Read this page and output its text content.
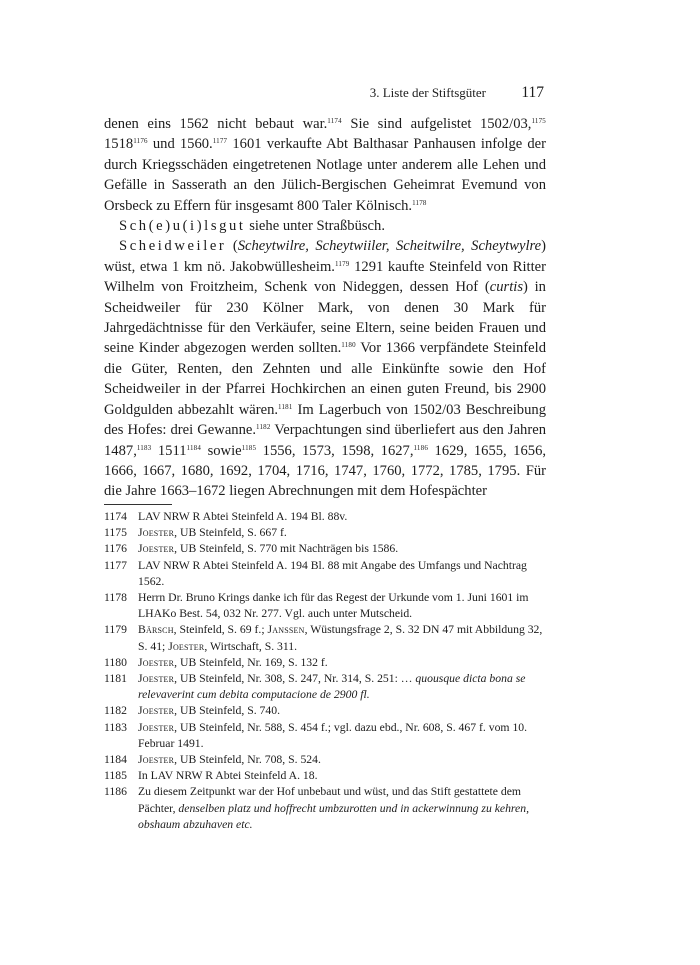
3. Liste der Stiftsgüter 117

denen eins 1562 nicht bebaut war.$^{1174}$ Sie sind aufgelistet 1502/03,$^{1175}$ $1518^{1176}$ und 1560.$^{1177}$ 1601 verkaufte Abt Balthasar Panhausen infolge der durch Kriegsschäden eingetretenen Notlage unter anderem alle Lehen und Gefälle in Sasserath an den Jülich-Bergischen Geheimrat Evemund von Orsbeck zu Effern für insgesamt 800 Taler Kölnisch.$^{1178}$

Sch(e)u(i)lsgut siehe unter Straßbüsch.

Scheidweiler (Scheytwilre, Scheytwiiler, Scheitwilre, Scheytwylre) wüst, etwa 1 km nö. Jakobwüllesheim.$^{1179}$ 1291 kaufte Steinfeld von Ritter Wilhelm von Froitzheim, Schenk von Nideggen, dessen Hof (curtis) in Scheidweiler für 230 Kölner Mark, von denen 30 Mark für Jahrgedächtnisse für den Verkäufer, seine Eltern, seine beiden Frauen und seine Kinder abgezogen werden sollten.$^{1180}$ Vor 1366 verpfändete Steinfeld die Güter, Renten, den Zehnten und alle Einkünfte sowie den Hof Scheidweiler in der Pfarrei Hochkirchen an einen guten Freund, bis 2900 Goldgulden abbezahlt wären.$^{1181}$ Im Lagerbuch von 1502/03 Beschreibung des Hofes: drei Gewanne.$^{1182}$ Verpachtungen sind überliefert aus den Jahren 1487,$^{1183}$ $1511^{1184}$ sowie$^{1185}$ 1556, 1573, 1598, 1627,$^{1186}$ 1629, 1655, 1656, 1666, 1667, 1680, 1692, 1704, 1716, 1747, 1760, 1772, 1785, 1795. Für die Jahre 1663–1672 liegen Abrechnungen mit dem Hofespächter

1174 LAV NRW R Abtei Steinfeld A. 194 Bl. 88v.
1175 Joester, UB Steinfeld, S. 667 f.
1176 Joester, UB Steinfeld, S. 770 mit Nachträgen bis 1586.
1177 LAV NRW R Abtei Steinfeld A. 194 Bl. 88 mit Angabe des Umfangs und Nachtrag 1562.
1178 Herrn Dr. Bruno Krings danke ich für das Regest der Urkunde vom 1. Juni 1601 im LHAKo Best. 54, 032 Nr. 277. Vgl. auch unter Mutscheid.
1179 Bärsch, Steinfeld, S. 69 f.; Janssen, Wüstungsfrage 2, S. 32 DN 47 mit Abbildung 32, S. 41; Joester, Wirtschaft, S. 311.
1180 Joester, UB Steinfeld, Nr. 169, S. 132 f.
1181 Joester, UB Steinfeld, Nr. 308, S. 247, Nr. 314, S. 251: … quousque dicta bona se relevaverint cum debita computacione de 2900 fl.
1182 Joester, UB Steinfeld, S. 740.
1183 Joester, UB Steinfeld, Nr. 588, S. 454 f.; vgl. dazu ebd., Nr. 608, S. 467 f. vom 10. Februar 1491.
1184 Joester, UB Steinfeld, Nr. 708, S. 524.
1185 In LAV NRW R Abtei Steinfeld A. 18.
1186 Zu diesem Zeitpunkt war der Hof unbebaut und wüst, und das Stift gestattete dem Pächter, denselben platz und hoffrecht umbzurotten und in ackerwinnung zu kehren, obshaum abzuhaven etc.
